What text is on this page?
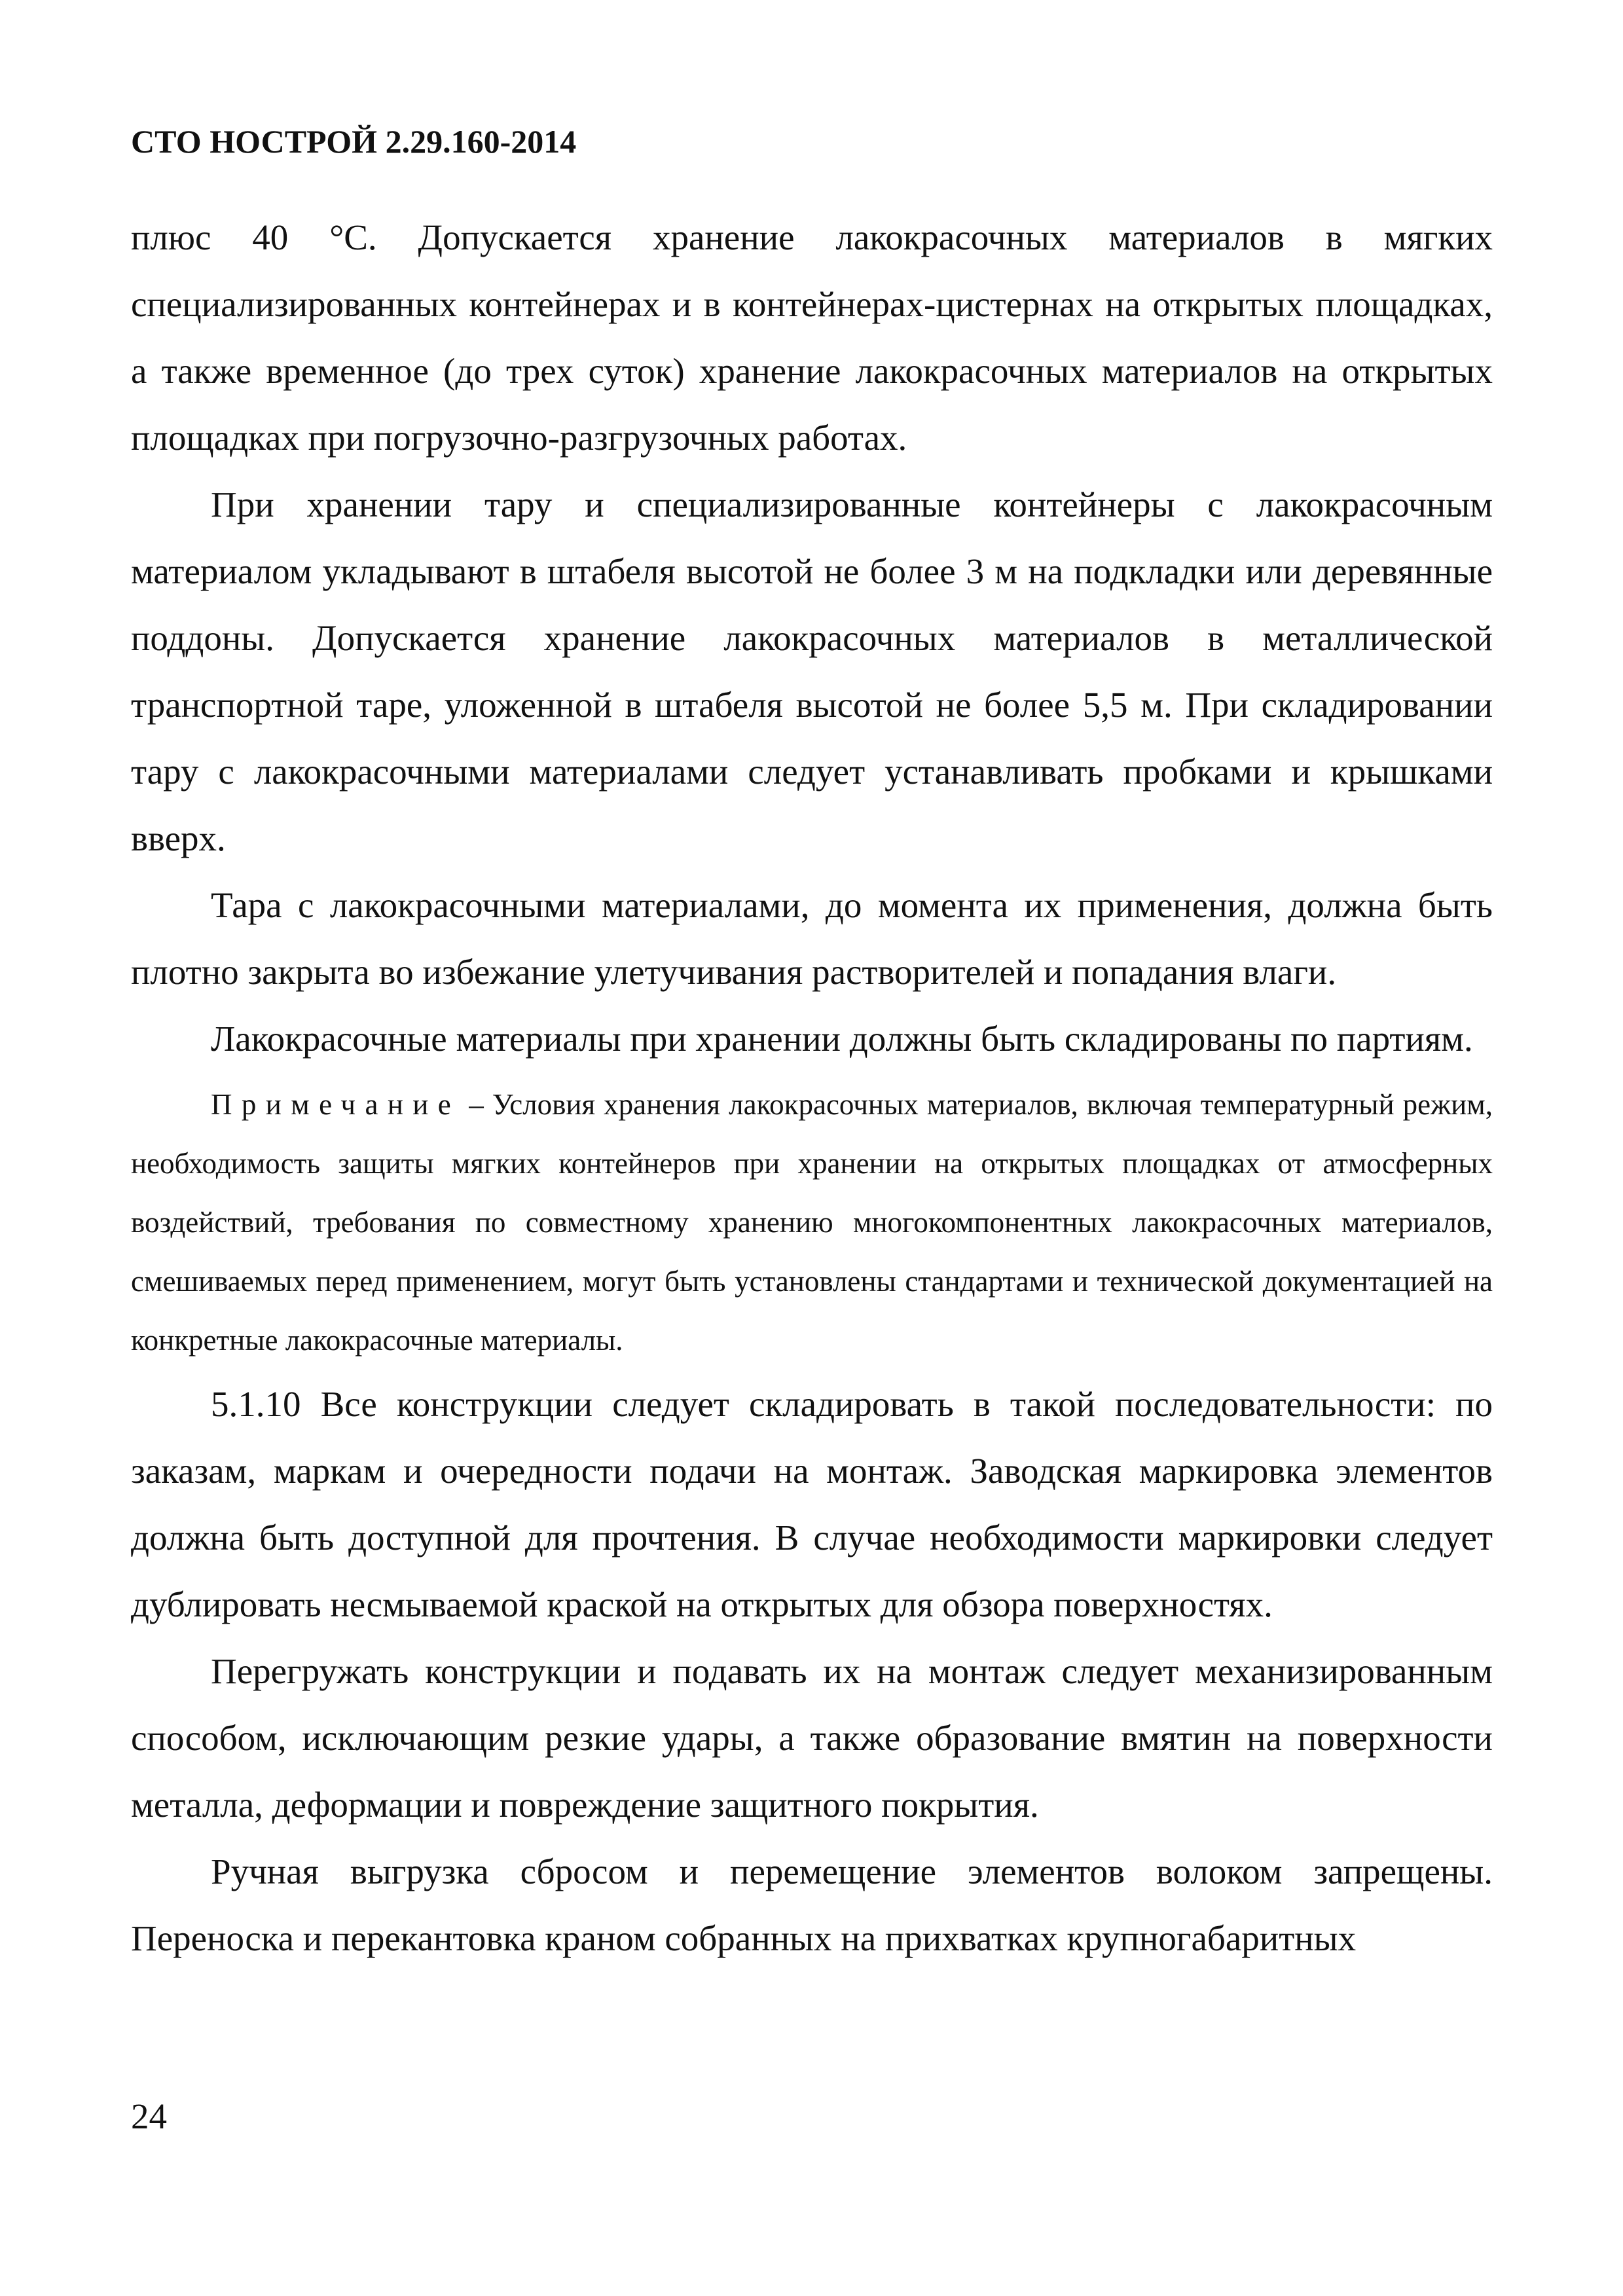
СТО НОСТРОЙ 2.29.160-2014

плюс 40 °С. Допускается хранение лакокрасочных материалов в мягких специализированных контейнерах и в контейнерах-цистернах на открытых площадках, а также временное (до трех суток) хранение лакокрасочных материалов на открытых площадках при погрузочно-разгрузочных работах.

При хранении тару и специализированные контейнеры с лакокрасочным материалом укладывают в штабеля высотой не более 3 м на подкладки или деревянные поддоны. Допускается хранение лакокрасочных материалов в металлической транспортной таре, уложенной в штабеля высотой не более 5,5 м. При складировании тару с лакокрасочными материалами следует устанавливать пробками и крышками вверх.

Тара с лакокрасочными материалами, до момента их применения, должна быть плотно закрыта во избежание улетучивания растворителей и попадания влаги.

Лакокрасочные материалы при хранении должны быть складированы по партиям.

Примечание – Условия хранения лакокрасочных материалов, включая температурный режим, необходимость защиты мягких контейнеров при хранении на открытых площадках от атмосферных воздействий, требования по совместному хранению многокомпонентных лакокрасочных материалов, смешиваемых перед применением, могут быть установлены стандартами и технической документацией на конкретные лакокрасочные материалы.

5.1.10 Все конструкции следует складировать в такой последовательности: по заказам, маркам и очередности подачи на монтаж. Заводская маркировка элементов должна быть доступной для прочтения. В случае необходимости маркировки следует дублировать несмываемой краской на открытых для обзора поверхностях.

Перегружать конструкции и подавать их на монтаж следует механизированным способом, исключающим резкие удары, а также образование вмятин на поверхности металла, деформации и повреждение защитного покрытия.

Ручная выгрузка сбросом и перемещение элементов волоком запрещены. Переноска и перекантовка краном собранных на прихватках крупногабаритных

24
